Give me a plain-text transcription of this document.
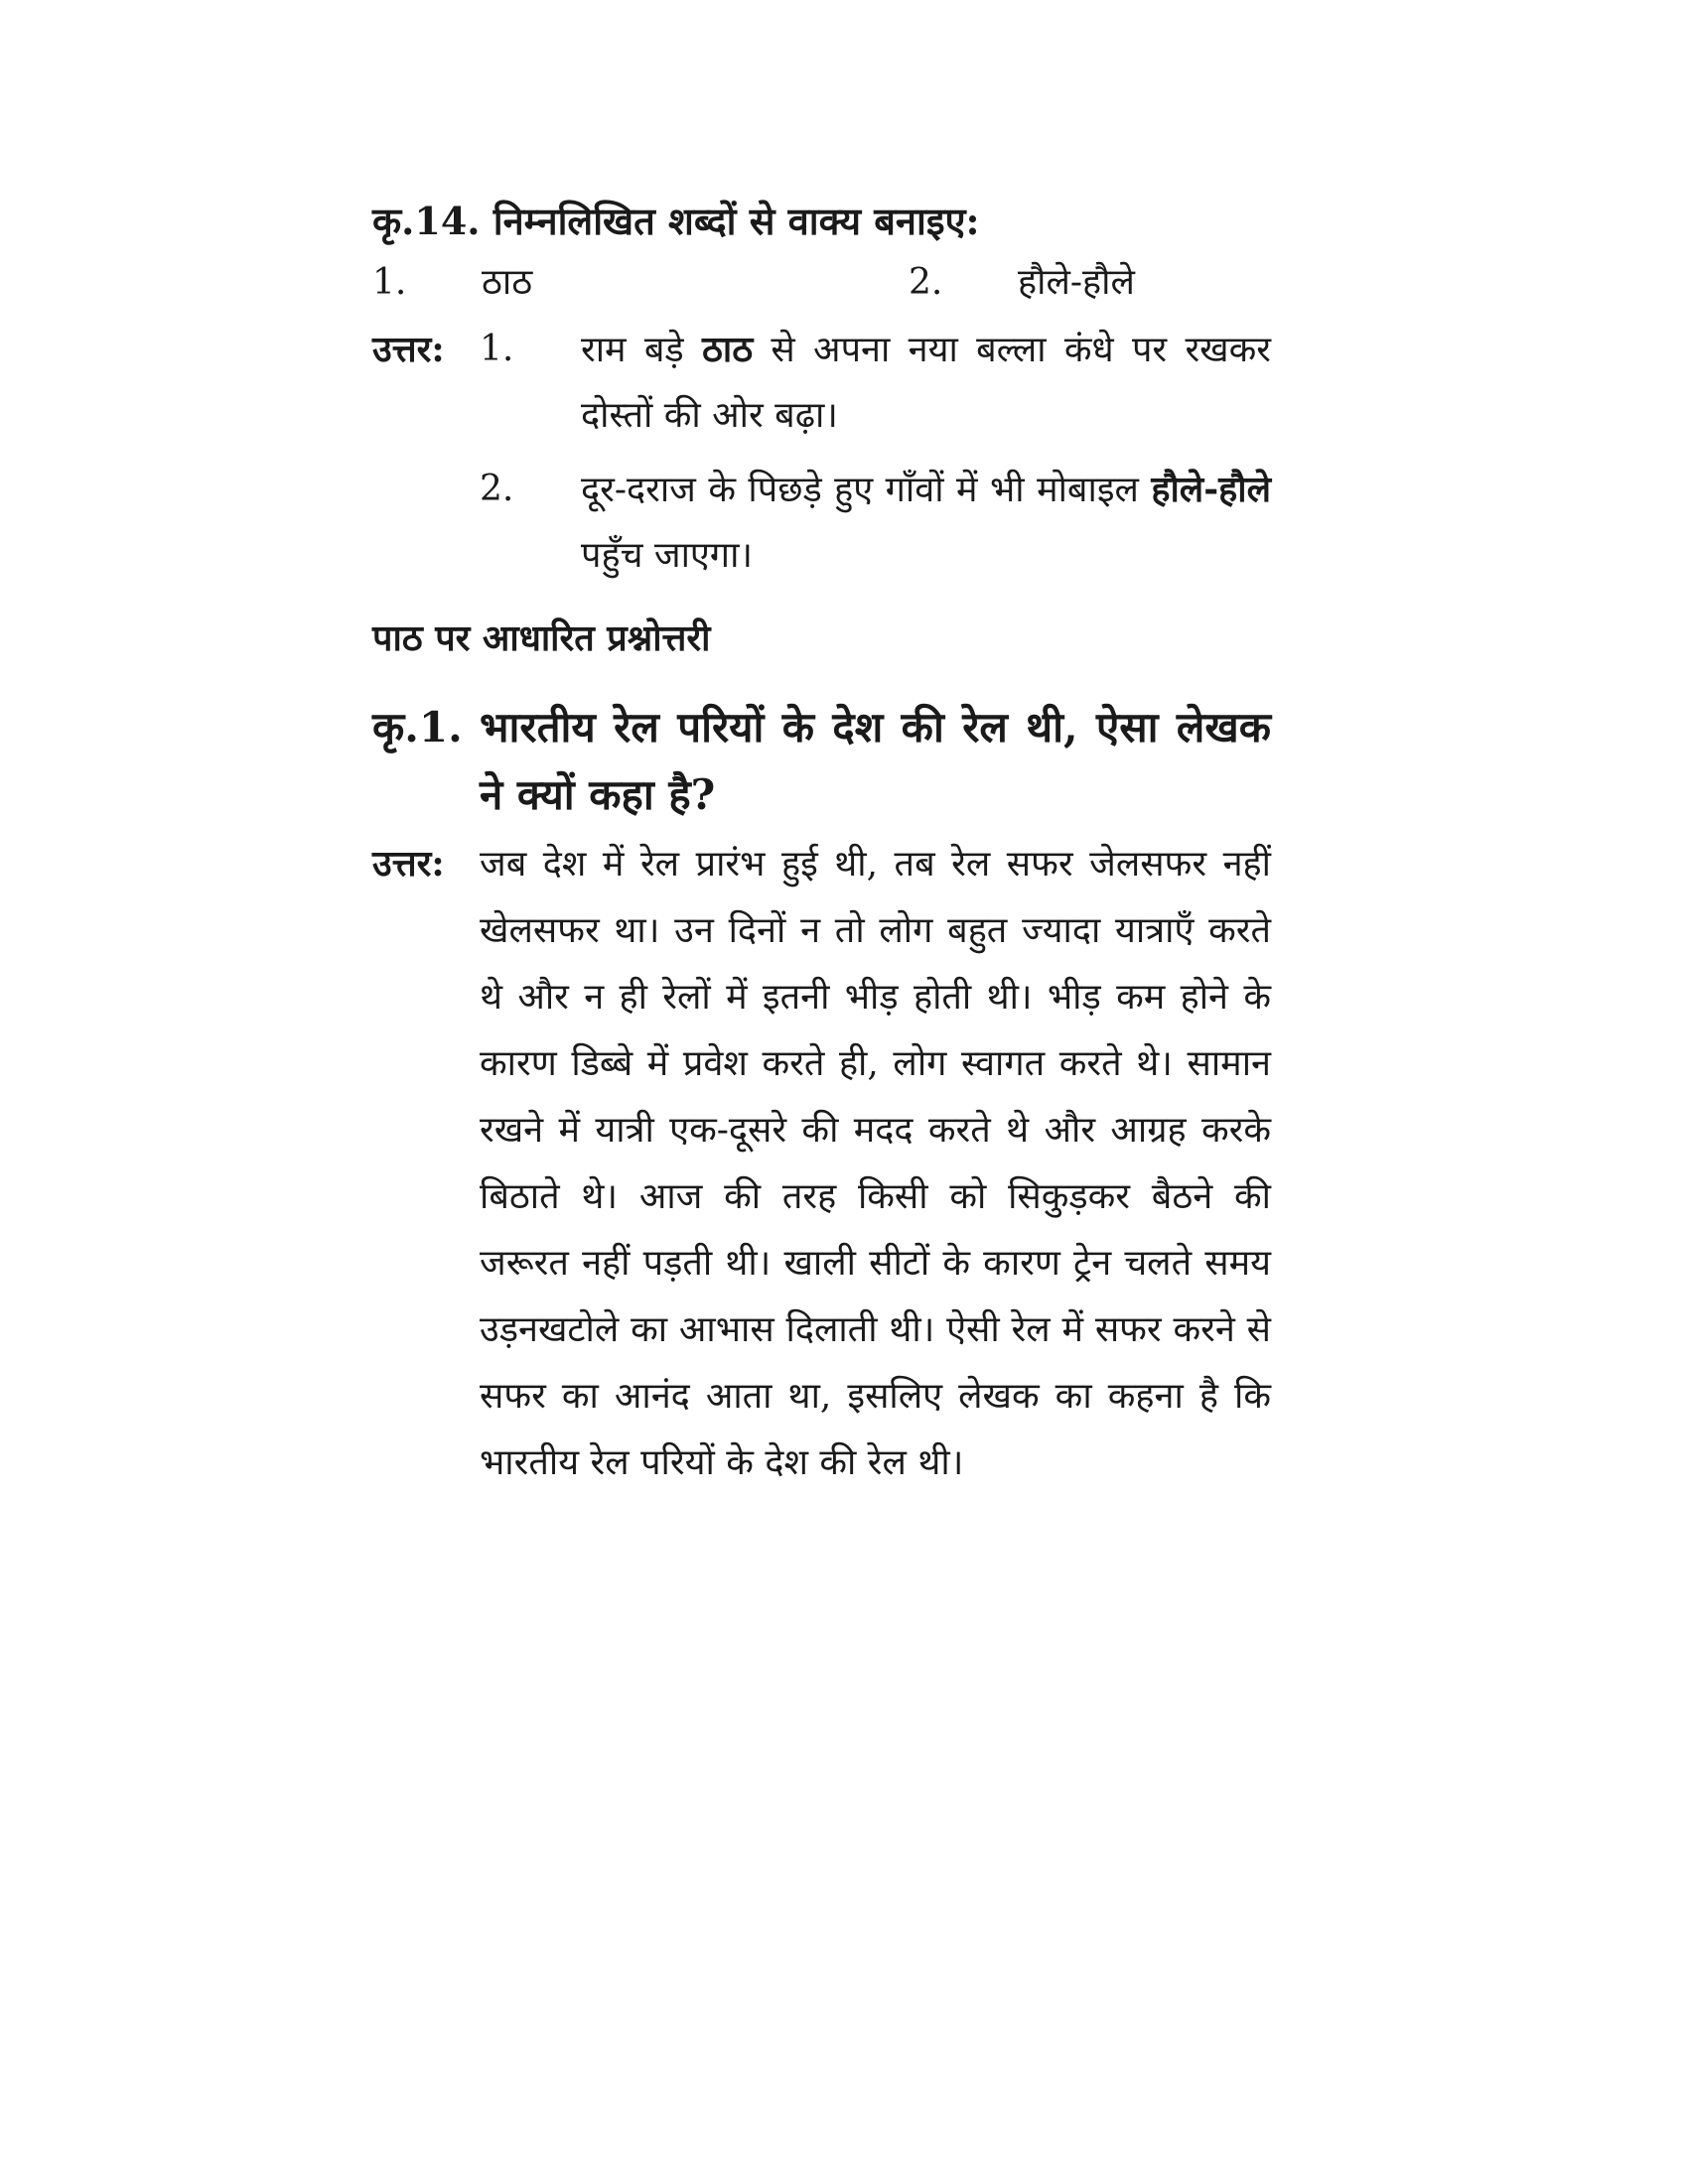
कृ.14. निम्नलिखित शब्दों से वाक्य बनाइए:

1. ठाठ	2. हौले-हौले
उत्तर: 1.	राम बड़े ठाठ से अपना नया बल्ला कंधे पर रखकर दोस्तों की ओर बढ़ा।
2.	दूर-दराज के पिछड़े हुए गाँवों में भी मोबाइल हौले-हौले पहुँच जाएगा।
पाठ पर आधारित प्रश्नोत्तरी
कृ.1. भारतीय रेल परियों के देश की रेल थी, ऐसा लेखक ने क्यों कहा है?
उत्तर: जब देश में रेल प्रारंभ हुई थी, तब रेल सफर जेलसफर नहीं खेलसफर था। उन दिनों न तो लोग बहुत ज्यादा यात्राएँ करते थे और न ही रेलों में इतनी भीड़ होती थी। भीड़ कम होने के कारण डिब्बे में प्रवेश करते ही, लोग स्वागत करते थे। सामान रखने में यात्री एक-दूसरे की मदद करते थे और आग्रह करके बिठाते थे। आज की तरह किसी को सिकुड़कर बैठने की जरूरत नहीं पड़ती थी। खाली सीटों के कारण ट्रेन चलते समय उड़नखटोले का आभास दिलाती थी। ऐसी रेल में सफर करने से सफर का आनंद आता था, इसलिए लेखक का कहना है कि भारतीय रेल परियों के देश की रेल थी।
